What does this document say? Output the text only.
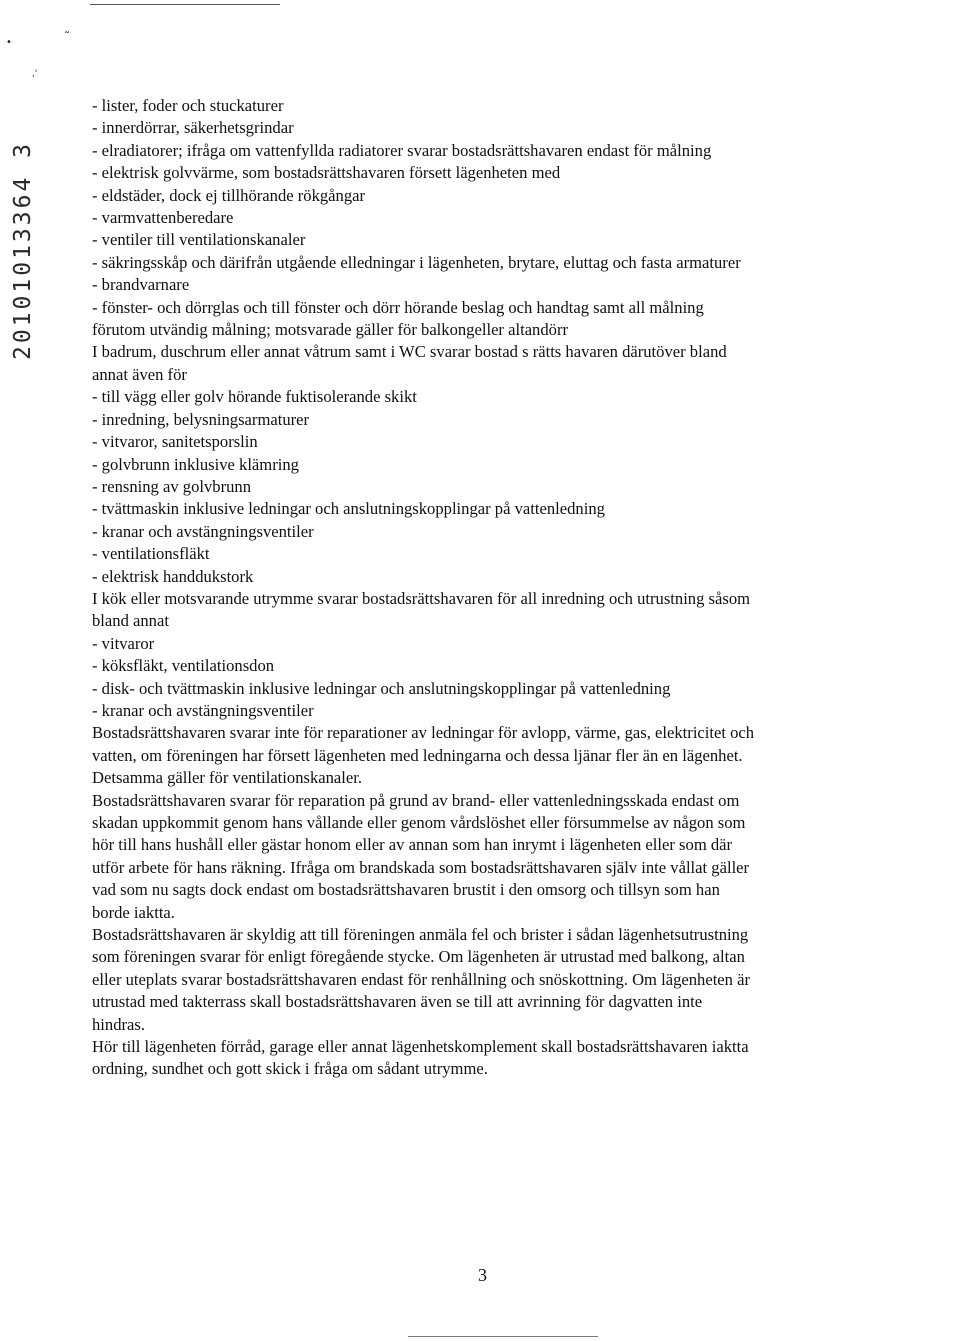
•	˜
,'
20101013364 3
- lister, foder och stuckaturer
- innerdörrar, säkerhetsgrindar
- elradiatorer; ifråga om vattenfyllda radiatorer svarar bostadsrättshavaren endast för målning
- elektrisk golvvärme, som bostadsrättshavaren försett lägenheten med
- eldstäder, dock ej tillhörande rökgångar
- varmvattenberedare
- ventiler till ventilationskanaler
- säkringsskåp och därifrån utgående elledningar i lägenheten, brytare, eluttag och fasta armaturer
- brandvarnare
- fönster- och dörrglas och till fönster och dörr hörande beslag och handtag samt all målning
förutom utvändig målning; motsvarade gäller för balkongeller altandörr
I badrum, duschrum eller annat våtrum samt i WC svarar bostad s rätts havaren därutöver bland
annat även för
- till vägg eller golv hörande fuktisolerande skikt
- inredning, belysningsarmaturer
- vitvaror, sanitetsporslin
- golvbrunn inklusive klämring
- rensning av golvbrunn
- tvättmaskin inklusive ledningar och anslutningskopplingar på vattenledning
- kranar och avstängningsventiler
- ventilationsfläkt
- elektrisk handdukstork
I kök eller motsvarande utrymme svarar bostadsrättshavaren för all inredning och utrustning såsom
bland annat
- vitvaror
- köksfläkt, ventilationsdon
- disk- och tvättmaskin inklusive ledningar och anslutningskopplingar på vattenledning
- kranar och avstängningsventiler
Bostadsrättshavaren svarar inte för reparationer av ledningar för avlopp, värme, gas, elektricitet och
vatten, om föreningen har försett lägenheten med ledningarna och dessa ljänar fler än en lägenhet.
Detsamma gäller för ventilationskanaler.
Bostadsrättshavaren svarar för reparation på grund av brand- eller vattenledningsskada endast om
skadan uppkommit genom hans vållande eller genom vårdslöshet eller försummelse av någon som
hör till hans hushåll eller gästar honom eller av annan som han inrymt i lägenheten eller som där
utför arbete för hans räkning. Ifråga om brandskada som bostadsrättshavaren själv inte vållat gäller
vad som nu sagts dock endast om bostadsrättshavaren brustit i den omsorg och tillsyn som han
borde iaktta.
Bostadsrättshavaren är skyldig att till föreningen anmäla fel och brister i sådan lägenhetsutrustning
som föreningen svarar för enligt föregående stycke. Om lägenheten är utrustad med balkong, altan
eller uteplats svarar bostadsrättshavaren endast för renhållning och snöskottning. Om lägenheten är
utrustad med takterrass skall bostadsrättshavaren även se till att avrinning för dagvatten inte
hindras.
Hör till lägenheten förråd, garage eller annat lägenhetskomplement skall bostadsrättshavaren iaktta
ordning, sundhet och gott skick i fråga om sådant utrymme.
3
